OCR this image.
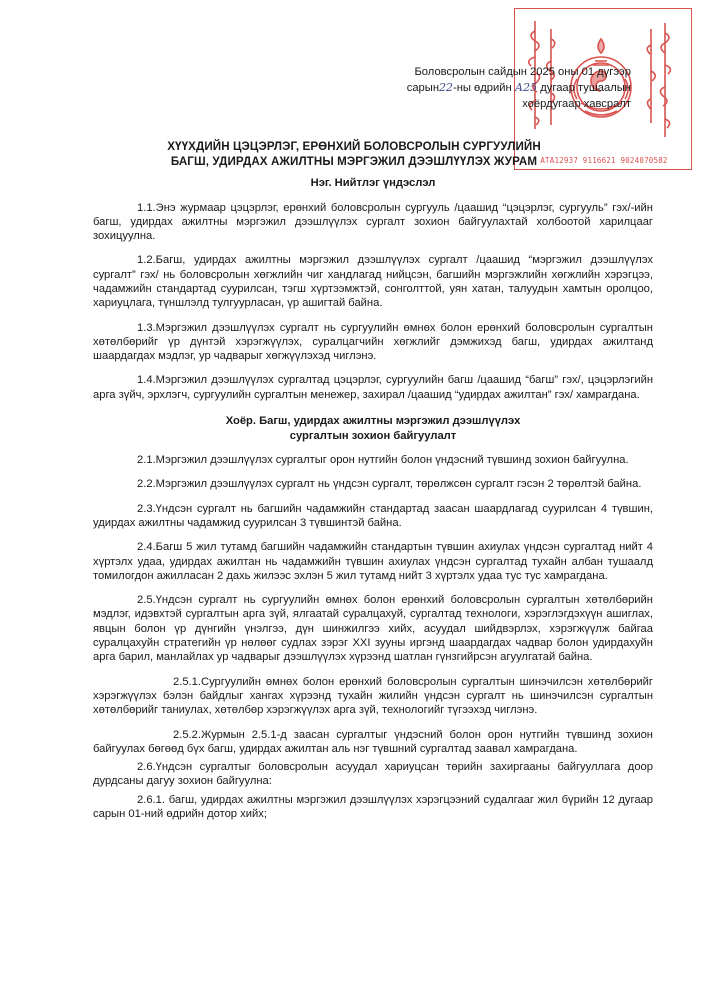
АТА12937 9116621 9024070582
Боловсролын сайдын 2025 оны 01 дүгээр
сарын22-ны өдрийн А25 дугаар тушаалын
хоёрдугаар хавсралт
ХҮҮХДИЙН ЦЭЦЭРЛЭГ, ЕРӨНХИЙ БОЛОВСРОЛЫН СУРГУУЛИЙН
БАГШ, УДИРДАХ АЖИЛТНЫ МЭРГЭЖИЛ ДЭЭШЛҮҮЛЭХ ЖУРАМ
Нэг. Нийтлэг үндэслэл

1.1.Энэ журмаар цэцэрлэг, ерөнхий боловсролын сургууль /цаашид “цэцэрлэг, сургууль” гэх/-ийн багш, удирдах ажилтны мэргэжил дээшлүүлэх сургалт зохион байгуулахтай холбоотой харилцааг зохицуулна.

1.2.Багш, удирдах ажилтны мэргэжил дээшлүүлэх сургалт /цаашид “мэргэжил дээшлүүлэх сургалт” гэх/ нь боловсролын хөгжлийн чиг хандлагад нийцсэн, багшийн мэргэжлийн хөгжлийн хэрэгцээ, чадамжийн стандартад суурилсан, тэгш хүртээмжтэй, сонголттой, уян хатан, талуудын хамтын оролцоо, хариуцлага, түншлэлд тулгуурласан, үр ашигтай байна.

1.3.Мэргэжил дээшлүүлэх сургалт нь сургуулийн өмнөх болон ерөнхий боловсролын сургалтын хөтөлбөрийг үр дүнтэй хэрэгжүүлэх, суралцагчийн хөгжлийг дэмжихэд багш, удирдах ажилтанд шаардагдах мэдлэг, ур чадварыг хөгжүүлэхэд чиглэнэ.

1.4.Мэргэжил дээшлүүлэх сургалтад цэцэрлэг, сургуулийн багш /цаашид “багш” гэх/, цэцэрлэгийн арга зүйч, эрхлэгч, сургуулийн сургалтын менежер, захирал /цаашид “удирдах ажилтан” гэх/ хамрагдана.

Хоёр. Багш, удирдах ажилтны мэргэжил дээшлүүлэх
сургалтын зохион байгуулалт

2.1.Мэргэжил дээшлүүлэх сургалтыг орон нутгийн болон үндэсний түвшинд зохион байгуулна.

2.2.Мэргэжил дээшлүүлэх сургалт нь үндсэн сургалт, төрөлжсөн сургалт гэсэн 2 төрөлтэй байна.

2.3.Үндсэн сургалт нь багшийн чадамжийн стандартад заасан шаардлагад суурилсан 4 түвшин, удирдах ажилтны чадамжид суурилсан 3 түвшинтэй байна.

2.4.Багш 5 жил тутамд багшийн чадамжийн стандартын түвшин ахиулах үндсэн сургалтад нийт 4 хүртэлх удаа, удирдах ажилтан нь чадамжийн түвшин ахиулах үндсэн сургалтад тухайн албан тушаалд томилогдон ажилласан 2 дахь жилээс эхлэн 5 жил тутамд нийт 3 хүртэлх удаа тус тус хамрагдана.

2.5.Үндсэн сургалт нь сургуулийн өмнөх болон ерөнхий боловсролын сургалтын хөтөлбөрийн мэдлэг, идэвхтэй сургалтын арга зүй, ялгаатай суралцахуй, сургалтад технологи, хэрэглэгдэхүүн ашиглах, явцын болон үр дүнгийн үнэлгээ, дүн шинжилгээ хийх, асуудал шийдвэрлэх, хэрэгжүүлж байгаа суралцахуйн стратегийн үр нөлөөг судлах зэрэг XXI зууны иргэнд шаардагдах чадвар болон удирдахуйн арга барил, манлайлах ур чадварыг дээшлүүлэх хүрээнд шатлан гүнзгийрсэн агуулгатай байна.

2.5.1.Сургуулийн өмнөх болон ерөнхий боловсролын сургалтын шинэчилсэн хөтөлбөрийг хэрэгжүүлэх бэлэн байдлыг хангах хүрээнд тухайн жилийн үндсэн сургалт нь шинэчилсэн сургалтын хөтөлбөрийг таниулах, хөтөлбөр хэрэгжүүлэх арга зүй, технологийг түгээхэд чиглэнэ.

2.5.2.Журмын 2.5.1-д заасан сургалтыг үндэсний болон орон нутгийн түвшинд зохион байгуулах бөгөөд бүх багш, удирдах ажилтан аль нэг түвшний сургалтад заавал хамрагдана.

2.6.Үндсэн сургалтыг боловсролын асуудал хариуцсан төрийн захиргааны байгууллага доор дурдсаны дагуу зохион байгуулна:

2.6.1. багш, удирдах ажилтны мэргэжил дээшлүүлэх хэрэгцээний судалгааг жил бүрийн 12 дугаар сарын 01-ний өдрийн дотор хийх;
